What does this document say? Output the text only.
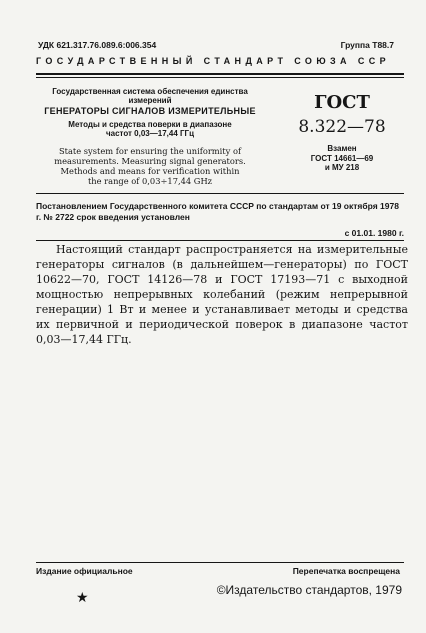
УДК 621.317.76.089.6:006.354	Группа Т88.7
ГОСУДАРСТВЕННЫЙ СТАНДАРТ СОЮЗА ССР
Государственная система обеспечения единства
измерений
ГЕНЕРАТОРЫ СИГНАЛОВ ИЗМЕРИТЕЛЬНЫЕ
Методы и средства поверки в диапазоне
частот 0,03—17,44 ГГц
State system for ensuring the uniformity of
measurements. Measuring signal generators.
Methods and means for verification within
the range of 0,03÷17,44 GHz
ГОСТ
8.322—78
Взамен
ГОСТ 14661—69
и МУ 218
Постановлением Государственного комитета СССР по стандартам от 19 октября 1978 г. № 2722 срок введения установлен
с 01.01. 1980 г.

Настоящий стандарт распространяется на измерительные генераторы сигналов (в дальнейшем—генераторы) по ГОСТ 10622—70, ГОСТ 14126—78 и ГОСТ 17193—71 с выходной мощностью непрерывных колебаний (режим непрерывной генерации) 1 Вт и менее и устанавливает методы и средства их первичной и периодической поверок в диапазоне частот 0,03—17,44 ГГц.

Издание официальное	Перепечатка воспрещена
★	©Издательство стандартов, 1979
